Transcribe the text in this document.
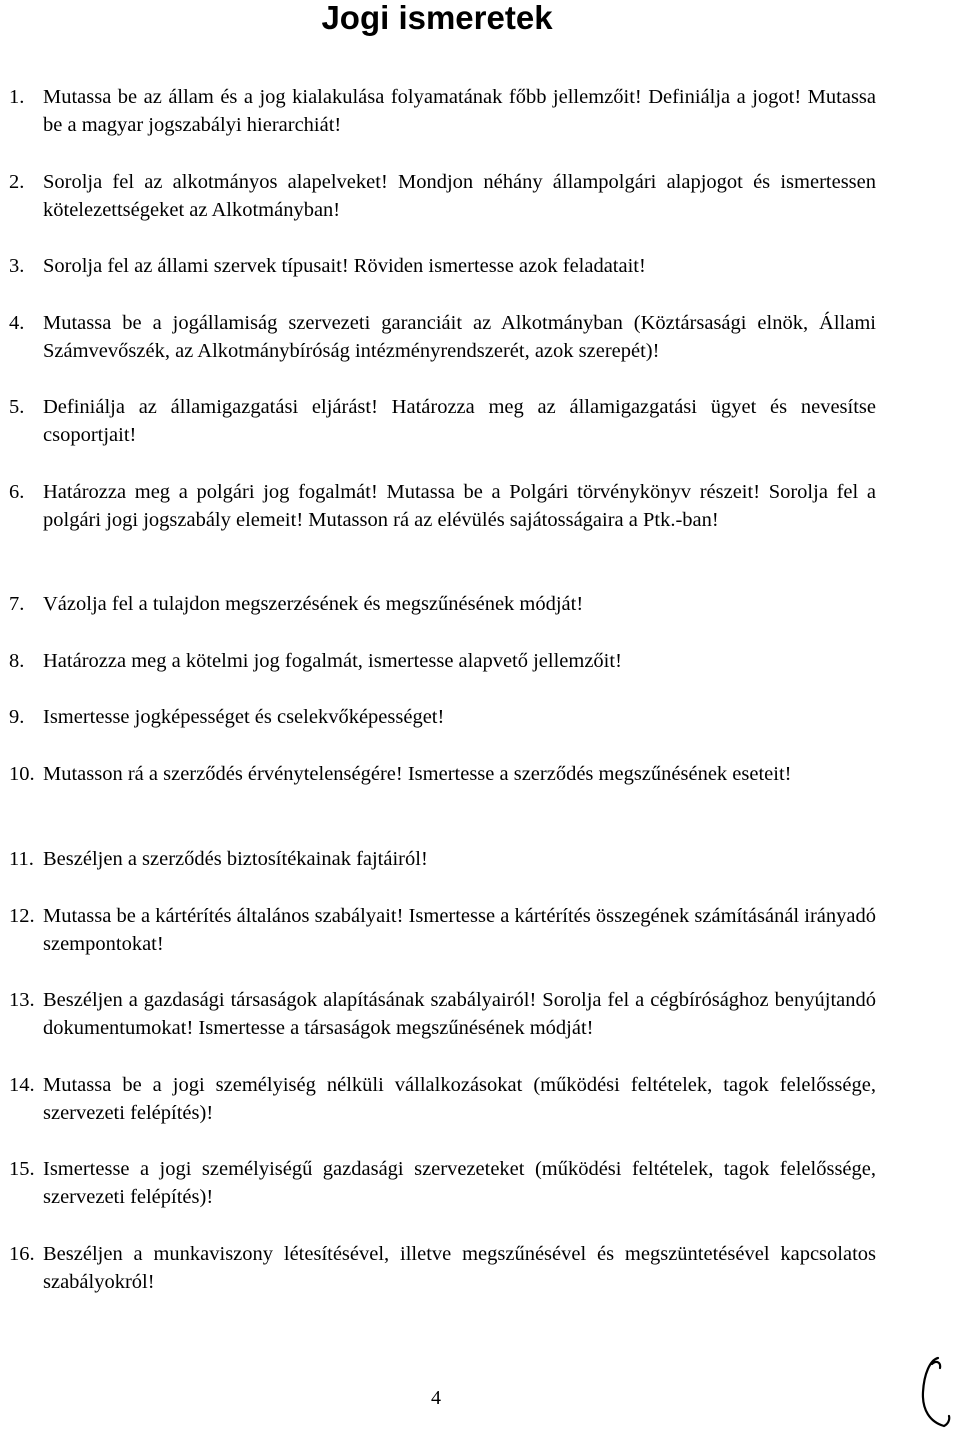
Jogi ismeretek
1. Mutassa be az állam és a jog kialakulása folyamatának főbb jellemzőit! Definiálja a jogot! Mutassa be a magyar jogszabályi hierarchiát!
2. Sorolja fel az alkotmányos alapelveket! Mondjon néhány állampolgári alapjogot és ismertessen kötelezettségeket az Alkotmányban!
3. Sorolja fel az állami szervek típusait! Röviden ismertesse azok feladatait!
4. Mutassa be a jogállamiság szervezeti garanciáit az Alkotmányban (Köztársasági elnök, Állami Számvevőszék, az Alkotmánybíróság intézményrendszerét, azok szerepét)!
5. Definiálja az államigazgatási eljárást! Határozza meg az államigazgatási ügyet és nevesítse csoportjait!
6. Határozza meg a polgári jog fogalmát! Mutassa be a Polgári törvénykönyv részeit! Sorolja fel a polgári jogi jogszabály elemeit! Mutasson rá az elévülés sajátosságaira a Ptk.-ban!
7. Vázolja fel a tulajdon megszerzésének és megszűnésének módját!
8. Határozza meg a kötelmi jog fogalmát, ismertesse alapvető jellemzőit!
9. Ismertesse jogképességet és cselekvőképességet!
10. Mutasson rá a szerződés érvénytelenségére! Ismertesse a szerződés megszűnésének eseteit!
11. Beszéljen a szerződés biztosítékainak fajtáiról!
12. Mutassa be a kártérítés általános szabályait! Ismertesse a kártérítés összegének számításánál irányadó szempontokat!
13. Beszéljen a gazdasági társaságok alapításának szabályairól! Sorolja fel a cégbírósághoz benyújtandó dokumentumokat! Ismertesse a társaságok megszűnésének módját!
14. Mutassa be a jogi személyiség nélküli vállalkozásokat (működési feltételek, tagok felelőssége, szervezeti felépítés)!
15. Ismertesse a jogi személyiségű gazdasági szervezeteket (működési feltételek, tagok felelőssége, szervezeti felépítés)!
16. Beszéljen a munkaviszony létesítésével, illetve megszűnésével és megszüntetésével kapcsolatos szabályokról!
4
